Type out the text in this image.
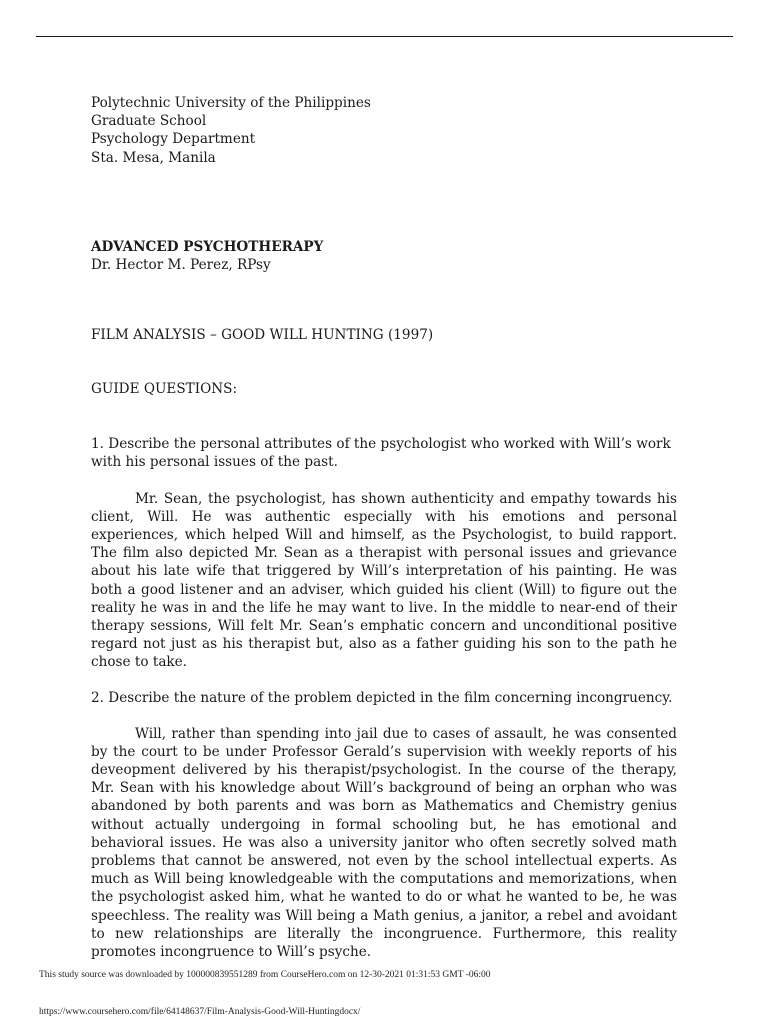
Polytechnic University of the Philippines

Graduate School

Psychology Department

Sta. Mesa, Manila

ADVANCED PSYCHOTHERAPY

Dr. Hector M. Perez, RPsy

FILM ANALYSIS – GOOD WILL HUNTING (1997)

GUIDE QUESTIONS:

1. Describe the personal attributes of the psychologist who worked with Will’s work with his personal issues of the past.

Mr. Sean, the psychologist, has shown authenticity and empathy towards his client, Will. He was authentic especially with his emotions and personal experiences, which helped Will and himself, as the Psychologist, to build rapport. The film also depicted Mr. Sean as a therapist with personal issues and grievance about his late wife that triggered by Will’s interpretation of his painting. He was both a good listener and an adviser, which guided his client (Will) to figure out the reality he was in and the life he may want to live. In the middle to near-end of their therapy sessions, Will felt Mr. Sean’s emphatic concern and unconditional positive regard not just as his therapist but, also as a father guiding his son to the path he chose to take.

2. Describe the nature of the problem depicted in the film concerning incongruency.

Will, rather than spending into jail due to cases of assault, he was consented by the court to be under Professor Gerald’s supervision with weekly reports of his deveopment delivered by his therapist/psychologist. In the course of the therapy, Mr. Sean with his knowledge about Will’s background of being an orphan who was abandoned by both parents and was born as Mathematics and Chemistry genius without actually undergoing in formal schooling but, he has emotional and behavioral issues. He was also a university janitor who often secretly solved math problems that cannot be answered, not even by the school intellectual experts. As much as Will being knowledgeable with the computations and memorizations, when the psychologist asked him, what he wanted to do or what he wanted to be, he was speechless. The reality was Will being a Math genius, a janitor, a rebel and avoidant to new relationships are literally the incongruence. Furthermore, this reality promotes incongruence to Will’s psyche.

This study source was downloaded by 100000839551289 from CourseHero.com on 12-30-2021 01:31:53 GMT -06:00
https://www.coursehero.com/file/64148637/Film-Analysis-Good-Will-Huntingdocx/
